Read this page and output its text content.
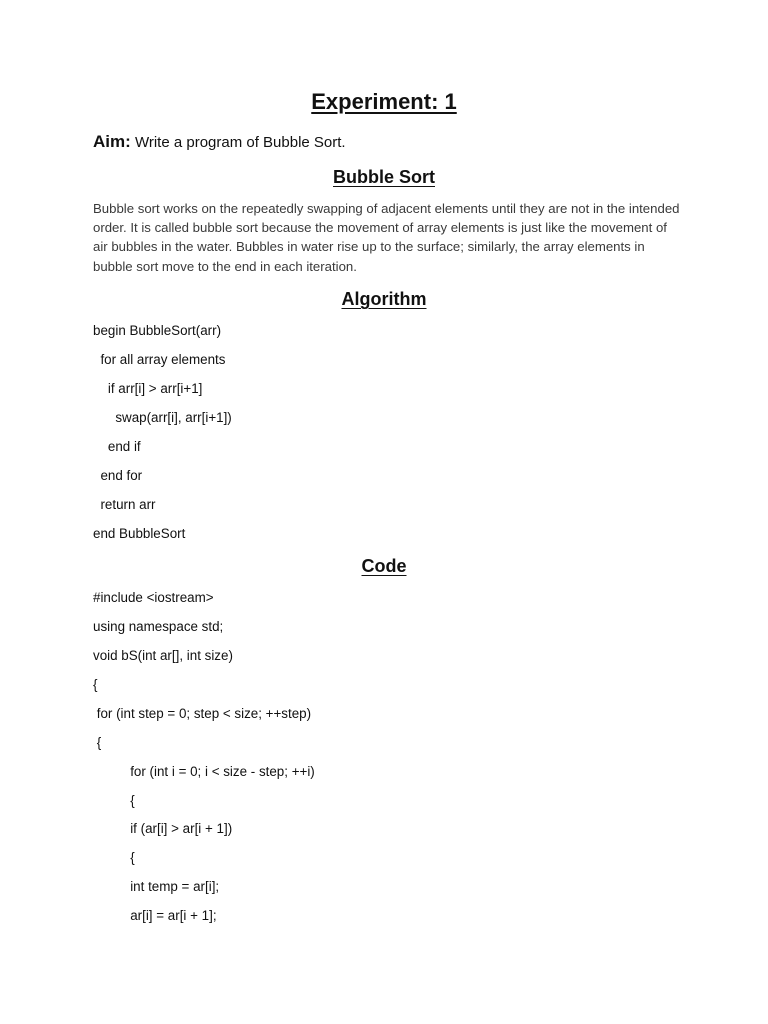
Experiment: 1
Aim: Write a program of Bubble Sort.
Bubble Sort
Bubble sort works on the repeatedly swapping of adjacent elements until they are not in the intended order. It is called bubble sort because the movement of array elements is just like the movement of air bubbles in the water. Bubbles in water rise up to the surface; similarly, the array elements in bubble sort move to the end in each iteration.
Algorithm
begin BubbleSort(arr)
for all array elements
if arr[i] > arr[i+1]
swap(arr[i], arr[i+1])
end if
end for
return arr
end BubbleSort
Code
#include <iostream>
using namespace std;
void bS(int ar[], int size)
{
for (int step = 0; step < size; ++step)
{
for (int i = 0; i < size - step; ++i)
{
if (ar[i] > ar[i + 1])
{
int temp = ar[i];
ar[i] = ar[i + 1];
